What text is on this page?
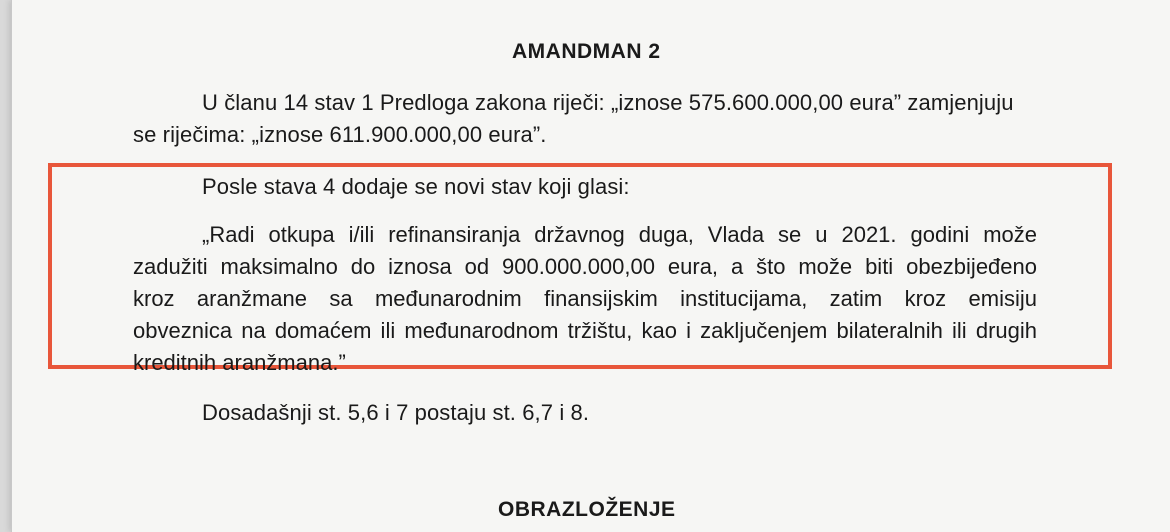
AMANDMAN 2
U članu 14 stav 1 Predloga zakona riječi: „iznose 575.600.000,00 eura” zamjenjuju
se riječima: „iznose 611.900.000,00 eura”.
Posle stava 4 dodaje se novi stav koji glasi:
„Radi otkupa i/ili refinansiranja državnog duga, Vlada se u 2021. godini može
zadužiti maksimalno do iznosa od 900.000.000,00 eura, a što može biti obezbijeđeno
kroz aranžmane sa međunarodnim finansijskim institucijama, zatim kroz emisiju
obveznica na domaćem ili međunarodnom tržištu, kao i zaključenjem bilateralnih ili drugih
kreditnih aranžmana.”
Dosadašnji st. 5,6 i 7 postaju st. 6,7 i 8.
OBRAZLOŽENJE
